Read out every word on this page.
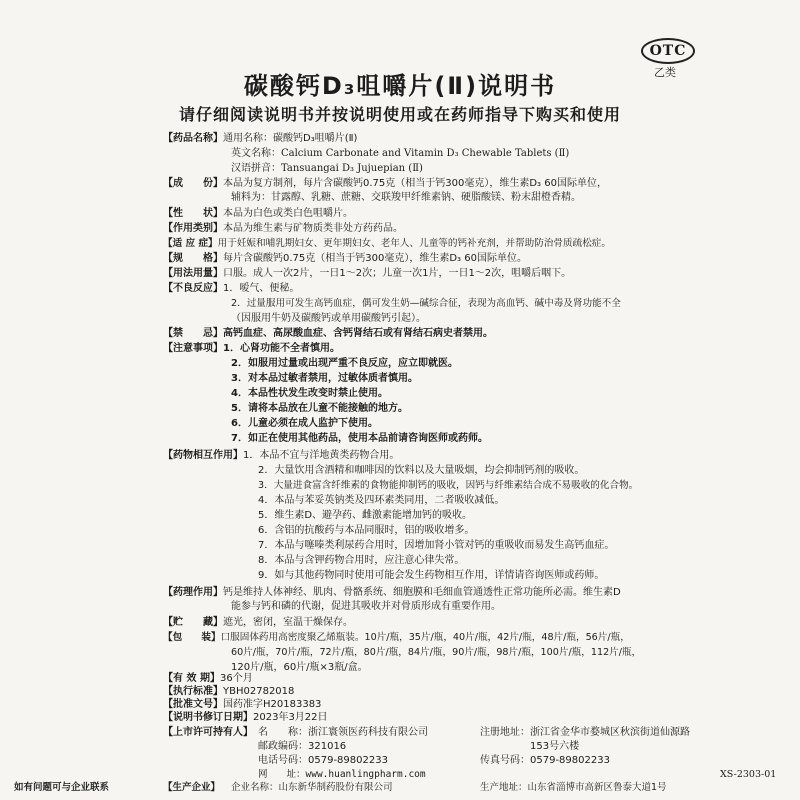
OTC
乙类
碳酸钙D₃咀嚼片(Ⅱ)说明书
请仔细阅读说明书并按说明使用或在药师指导下购买和使用
【药品名称】通用名称：碳酸钙D₃咀嚼片(Ⅱ)
英文名称：Calcium Carbonate and Vitamin D₃ Chewable Tablets (Ⅱ)
汉语拼音：Tansuangai D₃ Jujuepian (Ⅱ)
【成　　份】本品为复方制剂，每片含碳酸钙0.75克（相当于钙300毫克），维生素D₃ 60国际单位，
辅料为：甘露醇、乳糖、蔗糖、交联羧甲纤维素钠、硬脂酸镁、粉末甜橙香精。
【性　　状】本品为白色或类白色咀嚼片。
【作用类别】本品为维生素与矿物质类非处方药药品。
【适 应 症】用于妊娠和哺乳期妇女、更年期妇女、老年人、儿童等的钙补充剂，并帮助防治骨质疏松症。
【规　　格】每片含碳酸钙0.75克（相当于钙300毫克），维生素D₃ 60国际单位。
【用法用量】口服。成人一次2片，一日1～2次；儿童一次1片，一日1～2次，咀嚼后咽下。
【不良反应】1．嗳气、便秘。
2．过量服用可发生高钙血症，偶可发生奶—碱综合征，表现为高血钙、碱中毒及肾功能不全
（因服用牛奶及碳酸钙或单用碳酸钙引起）。
【禁　　忌】高钙血症、高尿酸血症、含钙肾结石或有肾结石病史者禁用。
【注意事项】1．心肾功能不全者慎用。
2．如服用过量或出现严重不良反应，应立即就医。
3．对本品过敏者禁用，过敏体质者慎用。
4．本品性状发生改变时禁止使用。
5．请将本品放在儿童不能接触的地方。
6．儿童必须在成人监护下使用。
7．如正在使用其他药品，使用本品前请咨询医师或药师。
【药物相互作用】1．本品不宜与洋地黄类药物合用。
2．大量饮用含酒精和咖啡因的饮料以及大量吸烟，均会抑制钙剂的吸收。
3．大量进食富含纤维素的食物能抑制钙的吸收，因钙与纤维素结合成不易吸收的化合物。
4．本品与苯妥英钠类及四环素类同用，二者吸收减低。
5．维生素D、避孕药、雌激素能增加钙的吸收。
6．含铝的抗酸药与本品同服时，铝的吸收增多。
7．本品与噻嗪类利尿药合用时，因增加肾小管对钙的重吸收而易发生高钙血症。
8．本品与含钾药物合用时，应注意心律失常。
9．如与其他药物同时使用可能会发生药物相互作用，详情请咨询医师或药师。
【药理作用】钙是维持人体神经、肌肉、骨骼系统、细胞膜和毛细血管通透性正常功能所必需。维生素D
能参与钙和磷的代谢，促进其吸收并对骨质形成有重要作用。
【贮　　藏】遮光，密闭，室温干燥保存。
【包　　装】口服固体药用高密度聚乙烯瓶装。10片/瓶，35片/瓶，40片/瓶，42片/瓶，48片/瓶，56片/瓶，
60片/瓶，70片/瓶，72片/瓶，80片/瓶，84片/瓶，90片/瓶，98片/瓶，100片/瓶，112片/瓶，
120片/瓶，60片/瓶×3瓶/盒。
【有 效 期】36个月
【执行标准】YBH02782018
【批准文号】国药准字H20183383
【说明书修订日期】2023年3月22日
【上市许可持有人】 名　　称：浙江寰领医药科技有限公司
邮政编码：321016
电话号码：0579-89802233
注册地址： 浙江省金华市婺城区秋滨街道仙源路
153号六楼
传真号码：0579-89802233
网　　址：www.huanlingpharm.com
【生产企业】 企业名称：山东新华制药股份有限公司	生产地址：山东省淄博市高新区鲁泰大道1号
如有问题可与企业联系
XS-2303-01
